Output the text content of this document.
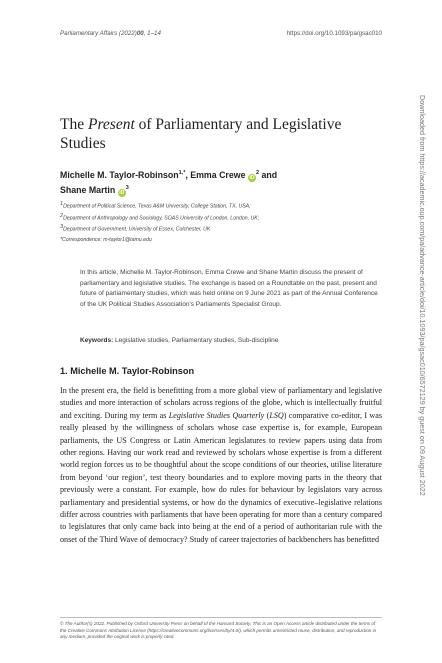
Parliamentary Affairs (2022)00, 1–14	https://doi.org/10.1093/pa/gsac010
The Present of Parliamentary and Legislative Studies
Michelle M. Taylor-Robinson$^{1,*}$, Emma Crewe $iD^2$ and
Shane Martin $iD^3$
$^1$Department of Political Science, Texas A&M University, College Station, TX, USA;
$^2$Department of Anthropology and Sociology, SOAS University of London, London, UK;
$^3$Department of Government, University of Essex, Colchester, UK
*Correspondence: m-taylor1@tamu.edu
In this article, Michelle M. Taylor-Robinson, Emma Crewe and Shane Martin discuss the present of parliamentary and legislative studies. The exchange is based on a Roundtable on the past, present and future of parliamentary studies, which was held online on 9 June 2021 as part of the Annual Conference of the UK Political Studies Association's Parliaments Specialist Group.
Keywords: Legislative studies, Parliamentary studies, Sub-discipline
1. Michelle M. Taylor-Robinson

In the present era, the field is benefitting from a more global view of parliamentary and legislative studies and more interaction of scholars across regions of the globe, which is intellectually fruitful and exciting. During my term as Legislative Studies Quarterly (LSQ) comparative co-editor, I was really pleased by the willingness of scholars whose case expertise is, for example, European parliaments, the US Congress or Latin American legislatures to review papers using data from other regions. Having our work read and reviewed by scholars whose expertise is from a different world region forces us to be thoughtful about the scope conditions of our theories, utilise literature from beyond ‘our region’, test theory boundaries and to explore moving parts in the theory that previously were a constant. For example, how do rules for behaviour by legislators vary across parliamentary and presidential systems, or how do the dynamics of executive–legislative relations differ across countries with parliaments that have been operating for more than a century compared to legislatures that only came back into being at the end of a period of authoritarian rule with the onset of the Third Wave of democracy? Study of career trajectories of backbenchers has benefitted

© The Author(s) 2022. Published by Oxford University Press on behalf of the Hansard Society. This is an Open Access article distributed under the terms of the Creative Commons Attribution License (https://creativecommons.org/licenses/by/4.0/), which permits unrestricted reuse, distribution, and reproduction in any medium, provided the original work is properly cited.
Downloaded from https://academic.oup.com/pa/advance-article/doi/10.1093/pa/gsac010/6572129 by guest on 09 August 2022
